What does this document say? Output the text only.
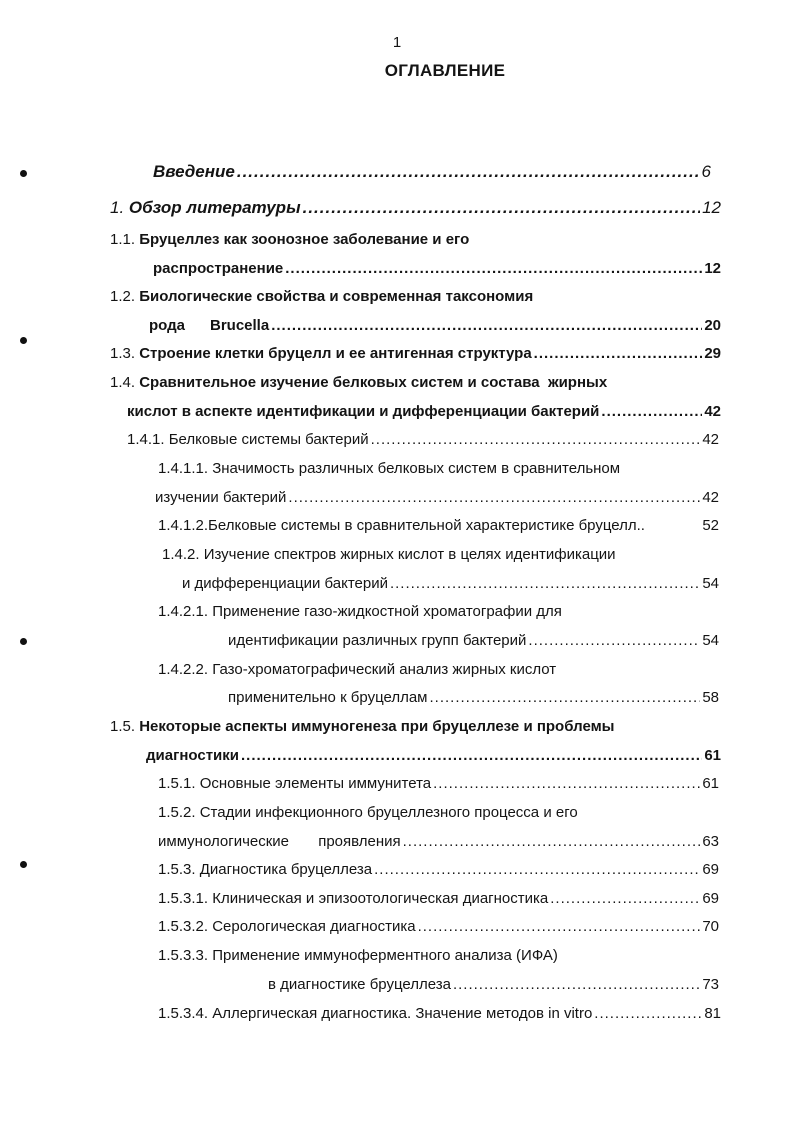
1
ОГЛАВЛЕНИЕ
Введение .....	6
1. Обзор литературы .....	12
1.1. Бруцеллез как зоонозное заболевание и его
распространение .....	12
1.2. Биологические свойства и современная таксономия
рода      Brucella .....	20
1.3. Строение клетки бруцелл и ее антигенная структура .....	29
1.4. Сравнительное изучение белковых систем и состава  жирных
кислот в аспекте идентификации и дифференциации бактерий .....	42
1.4.1. Белковые системы бактерий .....	42
1.4.1.1. Значимость различных белковых систем в сравнительном
изучении бактерий .....	42
1.4.1.2.Белковые системы в сравнительной характеристике бруцелл ..	52
1.4.2. Изучение спектров жирных кислот в целях идентификации
и дифференциации бактерий .....	54
1.4.2.1. Применение газо-жидкостной хроматографии для
идентификации различных групп бактерий .....	54
1.4.2.2. Газо-хроматографический анализ жирных кислот
применительно к бруцеллам .....	58
1.5. Некоторые аспекты иммуногенеза при бруцеллезе и проблемы
диагностики .....	61
1.5.1. Основные элементы иммунитета .....	61
1.5.2. Стадии инфекционного бруцеллезного процесса и его
иммунологические       проявления .....	63
1.5.3. Диагностика бруцеллеза .....	69
1.5.3.1. Клиническая и эпизоотологическая диагностика .....	69
1.5.3.2. Серологическая диагностика .....	70
1.5.3.3. Применение иммуноферментного анализа (ИФА)
в диагностике бруцеллеза .....	73
1.5.3.4. Аллергическая диагностика. Значение методов in vitro .....	81
